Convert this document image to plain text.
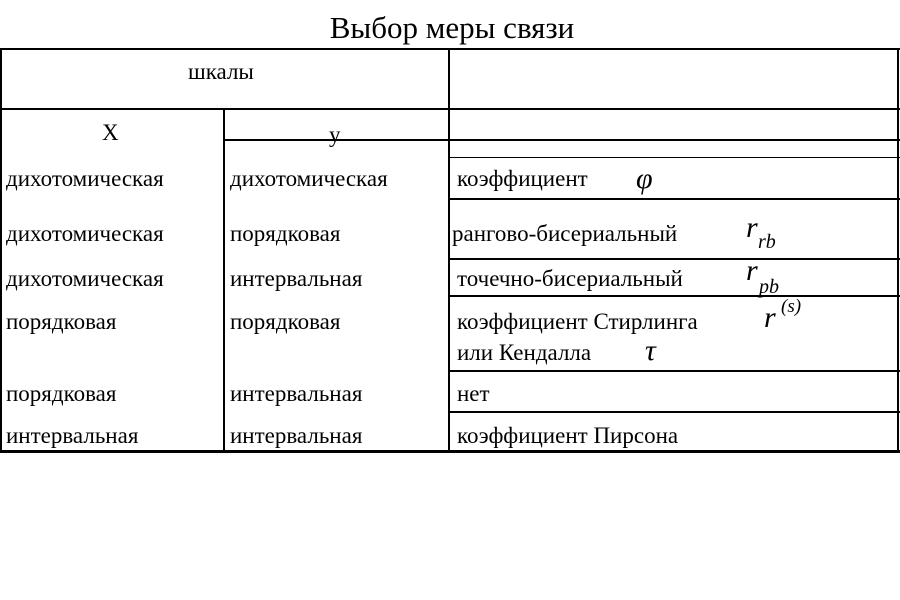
Выбор меры связи
шкалы
X	y
дихотомическая	дихотомическая	коэффициент φ
дихотомическая	порядковая	рангово-бисериальный r rb
дихотомическая	интервальная	точечно-бисериальный r pb
порядковая	порядковая	коэффициент Стирлинга r (s)
или Кендалла τ
порядковая	интервальная	нет
интервальная	интервальная	коэффициент Пирсона
